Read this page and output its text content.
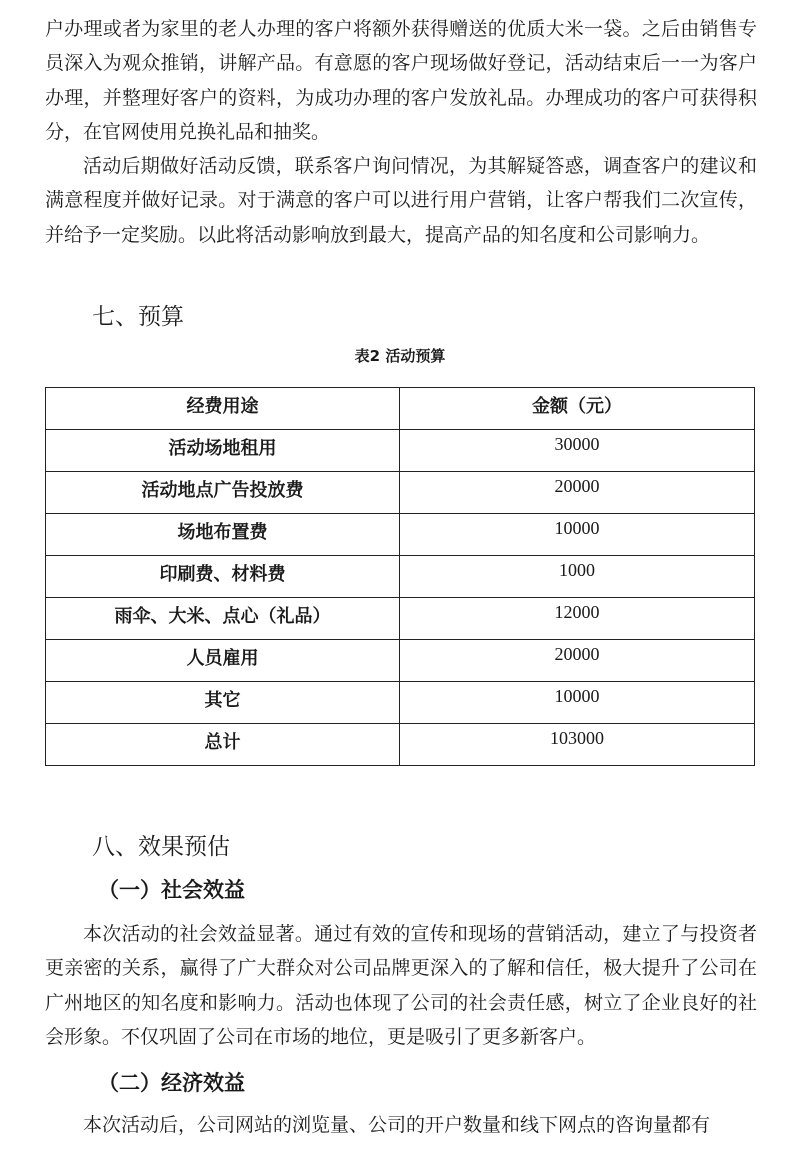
户办理或者为家里的老人办理的客户将额外获得赠送的优质大米一袋。之后由销售专员深入为观众推销，讲解产品。有意愿的客户现场做好登记，活动结束后一一为客户办理，并整理好客户的资料，为成功办理的客户发放礼品。办理成功的客户可获得积分，在官网使用兑换礼品和抽奖。

活动后期做好活动反馈，联系客户询问情况，为其解疑答惑，调查客户的建议和满意程度并做好记录。对于满意的客户可以进行用户营销，让客户帮我们二次宣传，并给予一定奖励。以此将活动影响放到最大，提高产品的知名度和公司影响力。

七、预算

表2 活动预算

经费用途	金额（元）
活动场地租用	30000
活动地点广告投放费	20000
场地布置费	10000
印刷费、材料费	1000
雨伞、大米、点心（礼品）	12000
人员雇用	20000
其它	10000
总计	103000
八、效果预估
（一）社会效益

本次活动的社会效益显著。通过有效的宣传和现场的营销活动，建立了与投资者更亲密的关系，赢得了广大群众对公司品牌更深入的了解和信任，极大提升了公司在广州地区的知名度和影响力。活动也体现了公司的社会责任感，树立了企业良好的社会形象。不仅巩固了公司在市场的地位，更是吸引了更多新客户。

（二）经济效益

本次活动后，公司网站的浏览量、公司的开户数量和线下网点的咨询量都有
